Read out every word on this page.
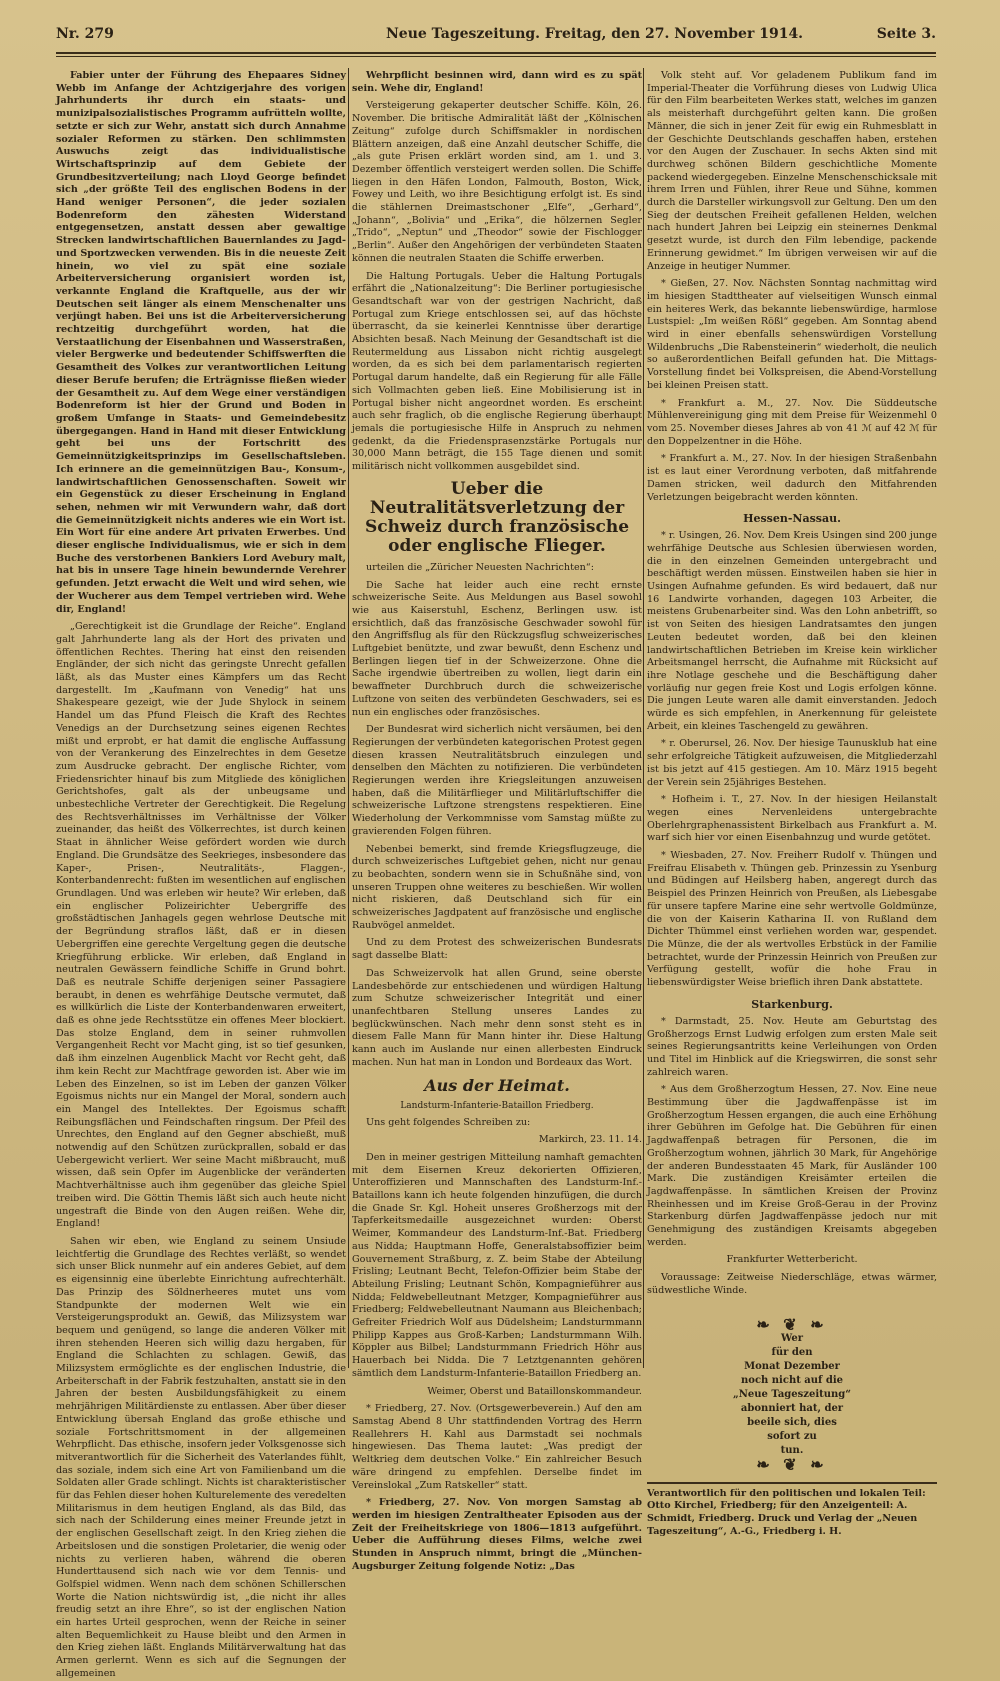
Nr. 279	Neue Tageszeitung. Freitag, den 27. November 1914.	Seite 3.

Fabier unter der Führung des Ehepaares Sidney Webb im Anfange der Achtzigerjahre des vorigen Jahrhunderts ihr durch ein staats- und munizipalsozialistisches Programm aufrütteln wollte, setzte er sich zur Wehr, anstatt sich durch Annahme sozialer Reformen zu stärken. Den schlimmsten Auswuchs zeigt das individualistische Wirtschaftsprinzip auf dem Gebiete der Grundbesitzverteilung; nach Lloyd George befindet sich „der größte Teil des englischen Bodens in der Hand weniger Personen“, die jeder sozialen Bodenreform den zähesten Widerstand entgegensetzen, anstatt dessen aber gewaltige Strecken landwirtschaftlichen Bauernlandes zu Jagd- und Sportzwecken verwenden. Bis in die neueste Zeit hinein, wo viel zu spät eine soziale Arbeiterversicherung organisiert worden ist, verkannte England die Kraftquelle, aus der wir Deutschen seit länger als einem Menschenalter uns verjüngt haben. Bei uns ist die Arbeiterversicherung rechtzeitig durchgeführt worden, hat die Verstaatlichung der Eisenbahnen und Wasserstraßen, vieler Bergwerke und bedeutender Schiffswerften die Gesamtheit des Volkes zur verantwortlichen Leitung dieser Berufe berufen; die Erträgnisse fließen wieder der Gesamtheit zu. Auf dem Wege einer verständigen Bodenreform ist hier der Grund und Boden in großem Umfange in Staats- und Gemeindebesitz übergegangen. Hand in Hand mit dieser Entwicklung geht bei uns der Fortschritt des Gemeinnützigkeitsprinzips im Gesellschaftsleben. Ich erinnere an die gemeinnützigen Bau-, Konsum-, landwirtschaftlichen Genossenschaften. Soweit wir ein Gegenstück zu dieser Erscheinung in England sehen, nehmen wir mit Verwundern wahr, daß dort die Gemeinnützigkeit nichts anderes wie ein Wort ist. Ein Wort für eine andere Art privaten Erwerbes. Und dieser englische Individualismus, wie er sich in dem Buche des verstorbenen Bankiers Lord Avebury malt, hat bis in unsere Tage hinein bewundernde Verehrer gefunden. Jetzt erwacht die Welt und wird sehen, wie der Wucherer aus dem Tempel vertrieben wird. Wehe dir, England!

„Gerechtigkeit ist die Grundlage der Reiche“. England galt Jahrhunderte lang als der Hort des privaten und öffentlichen Rechtes. Thering hat einst den reisenden Engländer, der sich nicht das geringste Unrecht gefallen läßt, als das Muster eines Kämpfers um das Recht dargestellt. Im „Kaufmann von Venedig“ hat uns Shakespeare gezeigt, wie der Jude Shylock in seinem Handel um das Pfund Fleisch die Kraft des Rechtes Venedigs an der Durchsetzung seines eigenen Rechtes mißt und erprobt, er hat damit die englische Auffassung von der Verankerung des Einzelrechtes in dem Gesetze zum Ausdrucke gebracht. Der englische Richter, vom Friedensrichter hinauf bis zum Mitgliede des königlichen Gerichtshofes, galt als der unbeugsame und unbestechliche Vertreter der Gerechtigkeit. Die Regelung des Rechtsverhältnisses im Verhältnisse der Völker zueinander, das heißt des Völkerrechtes, ist durch keinen Staat in ähnlicher Weise gefördert worden wie durch England. Die Grundsätze des Seekrieges, insbesondere das Kaper-, Prisen-, Neutralitäts-, Flaggen-, Konterbandenrecht: fußten im wesentlichen auf englischen Grundlagen. Und was erleben wir heute? Wir erleben, daß ein englischer Polizeirichter Uebergriffe des großstädtischen Janhagels gegen wehrlose Deutsche mit der Begründung straflos läßt, daß er in diesen Uebergriffen eine gerechte Vergeltung gegen die deutsche Kriegführung erblicke. Wir erleben, daß England in neutralen Gewässern feindliche Schiffe in Grund bohrt. Daß es neutrale Schiffe derjenigen seiner Passagiere beraubt, in denen es wehrfähige Deutsche vermutet, daß es willkürlich die Liste der Konterbandenwaren erweitert, daß es ohne jede Rechtsstütze ein offenes Meer blockiert. Das stolze England, dem in seiner ruhmvollen Vergangenheit Recht vor Macht ging, ist so tief gesunken, daß ihm einzelnen Augenblick Macht vor Recht geht, daß ihm kein Recht zur Machtfrage geworden ist. Aber wie im Leben des Einzelnen, so ist im Leben der ganzen Völker Egoismus nichts nur ein Mangel der Moral, sondern auch ein Mangel des Intellektes. Der Egoismus schafft Reibungsflächen und Feindschaften ringsum. Der Pfeil des Unrechtes, den England auf den Gegner abschießt, muß notwendig auf den Schützen zurückprallen, sobald er das Uebergewicht verliert. Wer seine Macht mißbraucht, muß wissen, daß sein Opfer im Augenblicke der veränderten Machtverhältnisse auch ihm gegenüber das gleiche Spiel treiben wird. Die Göttin Themis läßt sich auch heute nicht ungestraft die Binde von den Augen reißen. Wehe dir, England!

Sahen wir eben, wie England zu seinem Unsiude leichtfertig die Grundlage des Rechtes verläßt, so wendet sich unser Blick nunmehr auf ein anderes Gebiet, auf dem es eigensinnig eine überlebte Einrichtung aufrechterhält. Das Prinzip des Söldnerheeres mutet uns vom Standpunkte der modernen Welt wie ein Versteigerungsprodukt an. Gewiß, das Milizsystem war bequem und genügend, so lange die anderen Völker mit ihren stehenden Heeren sich willig dazu hergaben, für England die Schlachten zu schlagen. Gewiß, das Milizsystem ermöglichte es der englischen Industrie, die Arbeiterschaft in der Fabrik festzuhalten, anstatt sie in den Jahren der besten Ausbildungsfähigkeit zu einem mehrjährigen Militärdienste zu entlassen. Aber über dieser Entwicklung übersah England das große ethische und soziale Fortschrittsmoment in der allgemeinen Wehrpflicht. Das ethische, insofern jeder Volksgenosse sich mitverantwortlich für die Sicherheit des Vaterlandes fühlt, das soziale, indem sich eine Art von Familienband um die Soldaten aller Grade schlingt. Nichts ist charakteristischer für das Fehlen dieser hohen Kulturelemente des veredelten Militarismus in dem heutigen England, als das Bild, das sich nach der Schilderung eines meiner Freunde jetzt in der englischen Gesellschaft zeigt. In den Krieg ziehen die Arbeitslosen und die sonstigen Proletarier, die wenig oder nichts zu verlieren haben, während die oberen Hunderttausend sich nach wie vor dem Tennis- und Golfspiel widmen. Wenn nach dem schönen Schillerschen Worte die Nation nichtswürdig ist, „die nicht ihr alles freudig setzt an ihre Ehre“, so ist der englischen Nation ein hartes Urteil gesprochen, wenn der Reiche in seiner alten Bequemlichkeit zu Hause bleibt und den Armen in den Krieg ziehen läßt. Englands Militärverwaltung hat das Armen gerlernt. Wenn es sich auf die Segnungen der allgemeinen

Wehrpflicht besinnen wird, dann wird es zu spät sein. Wehe dir, England!

Versteigerung gekaperter deutscher Schiffe. Köln, 26. November. Die britische Admiralität läßt der „Kölnischen Zeitung“ zufolge durch Schiffsmakler in nordischen Blättern anzeigen, daß eine Anzahl deutscher Schiffe, die „als gute Prisen erklärt worden sind, am 1. und 3. Dezember öffentlich versteigert werden sollen. Die Schiffe liegen in den Häfen London, Falmouth, Boston, Wick, Fowey und Leith, wo ihre Besichtigung erfolgt ist. Es sind die stählernen Dreimastschoner „Elfe“, „Gerhard“, „Johann“, „Bolivia“ und „Erika“, die hölzernen Segler „Trido“, „Neptun“ und „Theodor“ sowie der Fischlogger „Berlin“. Außer den Angehörigen der verbündeten Staaten können die neutralen Staaten die Schiffe erwerben.

Die Haltung Portugals. Ueber die Haltung Portugals erfährt die „Nationalzeitung“: Die Berliner portugiesische Gesandtschaft war von der gestrigen Nachricht, daß Portugal zum Kriege entschlossen sei, auf das höchste überrascht, da sie keinerlei Kenntnisse über derartige Absichten besaß. Nach Meinung der Gesandtschaft ist die Reutermeldung aus Lissabon nicht richtig ausgelegt worden, da es sich bei dem parlamentarisch regierten Portugal darum handelte, daß ein Regierung für alle Fälle sich Vollmachten geben ließ. Eine Mobilisierung ist in Portugal bisher nicht angeordnet worden. Es erscheint auch sehr fraglich, ob die englische Regierung überhaupt jemals die portugiesische Hilfe in Anspruch zu nehmen gedenkt, da die Friedensprasenzstärke Portugals nur 30,000 Mann beträgt, die 155 Tage dienen und somit militärisch nicht vollkommen ausgebildet sind.

Ueber die Neutralitätsverletzung der Schweiz durch französische oder englische Flieger.

urteilen die „Züricher Neuesten Nachrichten“:

Die Sache hat leider auch eine recht ernste schweizerische Seite. Aus Meldungen aus Basel sowohl wie aus Kaiserstuhl, Eschenz, Berlingen usw. ist ersichtlich, daß das französische Geschwader sowohl für den Angriffsflug als für den Rückzugsflug schweizerisches Luftgebiet benützte, und zwar bewußt, denn Eschenz und Berlingen liegen tief in der Schweizerzone. Ohne die Sache irgendwie übertreiben zu wollen, liegt darin ein bewaffneter Durchbruch durch die schweizerische Luftzone von seiten des verbündeten Geschwaders, sei es nun ein englisches oder französisches.

Der Bundesrat wird sicherlich nicht versäumen, bei den Regierungen der verbündeten kategorischen Protest gegen diesen krassen Neutralitätsbruch einzulegen und denselben den Mächten zu notifizieren. Die verbündeten Regierungen werden ihre Kriegsleitungen anzuweisen haben, daß die Militärflieger und Militärluftschiffer die schweizerische Luftzone strengstens respektieren. Eine Wiederholung der Verkommnisse vom Samstag müßte zu gravierenden Folgen führen.

Nebenbei bemerkt, sind fremde Kriegsflugzeuge, die durch schweizerisches Luftgebiet gehen, nicht nur genau zu beobachten, sondern wenn sie in Schußnähe sind, von unseren Truppen ohne weiteres zu beschießen. Wir wollen nicht riskieren, daß Deutschland sich für ein schweizerisches Jagdpatent auf französische und englische Raubvögel anmeldet.

Und zu dem Protest des schweizerischen Bundesrats sagt dasselbe Blatt:

Das Schweizervolk hat allen Grund, seine oberste Landesbehörde zur entschiedenen und würdigen Haltung zum Schutze schweizerischer Integrität und einer unanfechtbaren Stellung unseres Landes zu beglückwünschen. Nach mehr denn sonst steht es in diesem Falle Mann für Mann hinter ihr. Diese Haltung kann auch im Auslande nur einen allerbesten Eindruck machen. Nun hat man in London und Bordeaux das Wort.

Aus der Heimat.
Landsturm-Infanterie-Bataillon Friedberg.

Uns geht folgendes Schreiben zu:

Markirch, 23. 11. 14.

Den in meiner gestrigen Mitteilung namhaft gemachten mit dem Eisernen Kreuz dekorierten Offizieren, Unteroffizieren und Mannschaften des Landsturm-Inf.-Bataillons kann ich heute folgenden hinzufügen, die durch die Gnade Sr. Kgl. Hoheit unseres Großherzogs mit der Tapferkeitsmedaille ausgezeichnet wurden: Oberst Weimer, Kommandeur des Landsturm-Inf.-Bat. Friedberg aus Nidda; Hauptmann Hoffe, Generalstabsoffizier beim Gouvernement Straßburg, z. Z. beim Stabe der Abteilung Frisling; Leutnant Becht, Telefon-Offizier beim Stabe der Abteilung Frisling; Leutnant Schön, Kompagnieführer aus Nidda; Feldwebelleutnant Metzger, Kompagnieführer aus Friedberg; Feldwebelleutnant Naumann aus Bleichenbach; Gefreiter Friedrich Wolf aus Düdelsheim; Landsturmmann Philipp Kappes aus Groß-Karben; Landsturmmann Wilh. Köppler aus Bilbel; Landsturmmann Friedrich Höhr aus Hauerbach bei Nidda. Die 7 Letztgenannten gehören sämtlich dem Landsturm-Infanterie-Bataillon Friedberg an.

Weimer, Oberst und Bataillonskommandeur.

* Friedberg, 27. Nov. (Ortsgewerbeverein.) Auf den am Samstag Abend 8 Uhr stattfindenden Vortrag des Herrn Reallehrers H. Kahl aus Darmstadt sei nochmals hingewiesen. Das Thema lautet: „Was predigt der Weltkrieg dem deutschen Volke.“ Ein zahlreicher Besuch wäre dringend zu empfehlen. Derselbe findet im Vereinslokal „Zum Ratskeller“ statt.

* Friedberg, 27. Nov. Von morgen Samstag ab werden im hiesigen Zentraltheater Episoden aus der Zeit der Freiheitskriege von 1806—1813 aufgeführt. Ueber die Aufführung dieses Films, welche zwei Stunden in Anspruch nimmt, bringt die „München-Augsburger Zeitung folgende Notiz: „Das

Volk steht auf. Vor geladenem Publikum fand im Imperial-Theater die Vorführung dieses von Ludwig Ulica für den Film bearbeiteten Werkes statt, welches im ganzen als meisterhaft durchgeführt gelten kann. Die großen Männer, die sich in jener Zeit für ewig ein Ruhmesblatt in der Geschichte Deutschlands geschaffen haben, erstehen vor den Augen der Zuschauer. In sechs Akten sind mit durchweg schönen Bildern geschichtliche Momente packend wiedergegeben. Einzelne Menschenschicksale mit ihrem Irren und Fühlen, ihrer Reue und Sühne, kommen durch die Darsteller wirkungsvoll zur Geltung. Den um den Sieg der deutschen Freiheit gefallenen Helden, welchen nach hundert Jahren bei Leipzig ein steinernes Denkmal gesetzt wurde, ist durch den Film lebendige, packende Erinnerung gewidmet.“ Im übrigen verweisen wir auf die Anzeige in heutiger Nummer.

* Gießen, 27. Nov. Nächsten Sonntag nachmittag wird im hiesigen Stadttheater auf vielseitigen Wunsch einmal ein heiteres Werk, das bekannte liebenswürdige, harmlose Lustspiel: „Im weißen Rößl“ gegeben. Am Sonntag abend wird in einer ebenfalls sehenswürdigen Vorstellung Wildenbruchs „Die Rabensteinerin“ wiederholt, die neulich so außerordentlichen Beifall gefunden hat. Die Mittags-Vorstellung findet bei Volkspreisen, die Abend-Vorstellung bei kleinen Preisen statt.

* Frankfurt a. M., 27. Nov. Die Süddeutsche Mühlenvereinigung ging mit dem Preise für Weizenmehl 0 vom 25. November dieses Jahres ab von 41 ℳ auf 42 ℳ für den Doppelzentner in die Höhe.

* Frankfurt a. M., 27. Nov. In der hiesigen Straßenbahn ist es laut einer Verordnung verboten, daß mitfahrende Damen stricken, weil dadurch den Mitfahrenden Verletzungen beigebracht werden könnten.

Hessen-Nassau.

* r. Usingen, 26. Nov. Dem Kreis Usingen sind 200 junge wehrfähige Deutsche aus Schlesien überwiesen worden, die in den einzelnen Gemeinden untergebracht und beschäftigt werden müssen. Einstweilen haben sie hier in Usingen Aufnahme gefunden. Es wird bedauert, daß nur 16 Landwirte vorhanden, dagegen 103 Arbeiter, die meistens Grubenarbeiter sind. Was den Lohn anbetrifft, so ist von Seiten des hiesigen Landratsamtes den jungen Leuten bedeutet worden, daß bei den kleinen landwirtschaftlichen Betrieben im Kreise kein wirklicher Arbeitsmangel herrscht, die Aufnahme mit Rücksicht auf ihre Notlage geschehe und die Beschäftigung daher vorläufig nur gegen freie Kost und Logis erfolgen könne. Die jungen Leute waren alle damit einverstanden. Jedoch würde es sich empfehlen, in Anerkennung für geleistete Arbeit, ein kleines Taschengeld zu gewähren.

* r. Oberursel, 26. Nov. Der hiesige Taunusklub hat eine sehr erfolgreiche Tätigkeit aufzuweisen, die Mitgliederzahl ist bis jetzt auf 415 gestiegen. Am 10. März 1915 begeht der Verein sein 25jähriges Bestehen.

* Hofheim i. T., 27. Nov. In der hiesigen Heilanstalt wegen eines Nervenleidens untergebrachte Oberlehrgraphenassistent Birkelbach aus Frankfurt a. M. warf sich hier vor einen Eisenbahnzug und wurde getötet.

* Wiesbaden, 27. Nov. Freiherr Rudolf v. Thüngen und Freifrau Elisabeth v. Thüngen geb. Prinzessin zu Ysenburg und Büdingen auf Heilsberg haben, angeregt durch das Beispiel des Prinzen Heinrich von Preußen, als Liebesgabe für unsere tapfere Marine eine sehr wertvolle Goldmünze, die von der Kaiserin Katharina II. von Rußland dem Dichter Thümmel einst verliehen worden war, gespendet. Die Münze, die der als wertvolles Erbstück in der Familie betrachtet, wurde der Prinzessin Heinrich von Preußen zur Verfügung gestellt, wofür die hohe Frau in liebenswürdigster Weise brieflich ihren Dank abstattete.

Starkenburg.

* Darmstadt, 25. Nov. Heute am Geburtstag des Großherzogs Ernst Ludwig erfolgen zum ersten Male seit seines Regierungsantritts keine Verleihungen von Orden und Titel im Hinblick auf die Kriegswirren, die sonst sehr zahlreich waren.

* Aus dem Großherzogtum Hessen, 27. Nov. Eine neue Bestimmung über die Jagdwaffenpässe ist im Großherzogtum Hessen ergangen, die auch eine Erhöhung ihrer Gebühren im Gefolge hat. Die Gebühren für einen Jagdwaffenpaß betragen für Personen, die im Großherzogtum wohnen, jährlich 30 Mark, für Angehörige der anderen Bundesstaaten 45 Mark, für Ausländer 100 Mark. Die zuständigen Kreisämter erteilen die Jagdwaffenpässe. In sämtlichen Kreisen der Provinz Rheinhessen und im Kreise Groß-Gerau in der Provinz Starkenburg dürfen Jagdwaffenpässe jedoch nur mit Genehmigung des zuständigen Kreisamts abgegeben werden.

Frankfurter Wetterbericht.

Voraussage: Zeitweise Niederschläge, etwas wärmer, südwestliche Winde.

❧ ❦ ❧
Wer
für den
Monat Dezember
noch nicht auf die
„Neue Tageszeitung“
abonniert hat, der
beeile sich, dies
sofort zu
tun.
❧ ❦ ❧
Verantwortlich für den politischen und lokalen Teil: Otto Kirchel, Friedberg; für den Anzeigenteil: A. Schmidt, Friedberg. Druck und Verlag der „Neuen Tageszeitung“, A.-G., Friedberg i. H.
